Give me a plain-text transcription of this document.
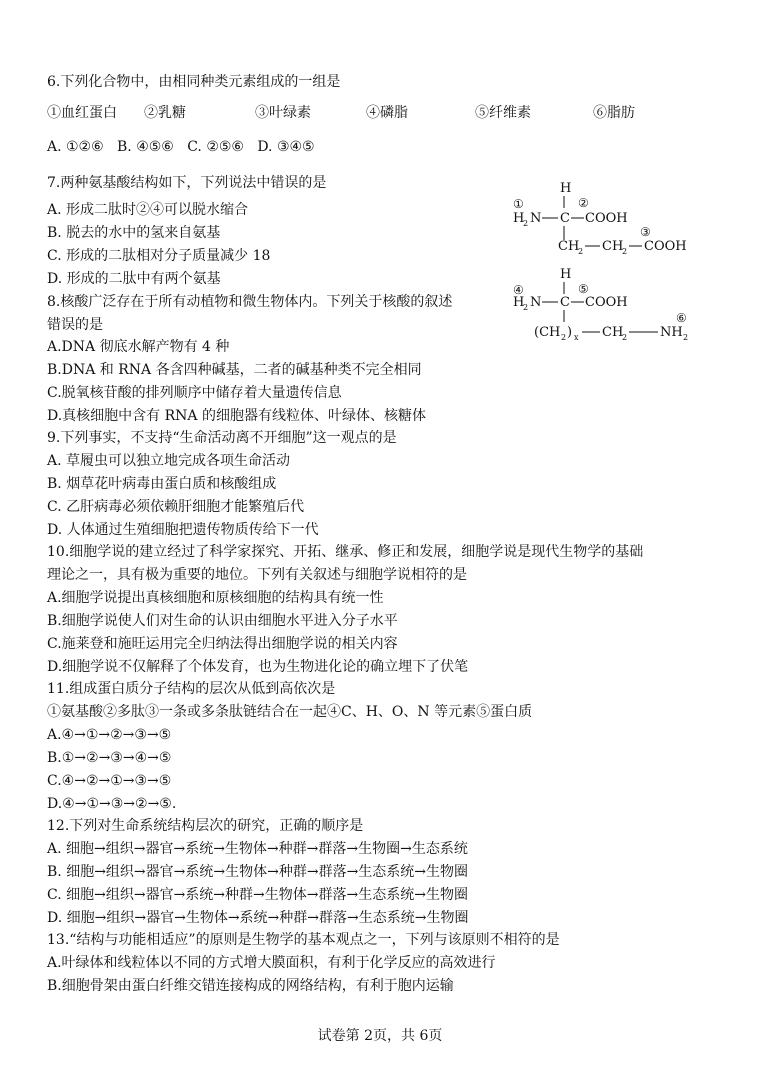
6.下列化合物中，由相同种类元素组成的一组是
①血红蛋白 ②乳糖	③叶绿素	④磷脂	⑤纤维素	⑥脂肪
A. ①②⑥   B. ④⑤⑥   C. ②⑤⑥   D. ③④⑤
7.两种氨基酸结构如下，下列说法中错误的是
A. 形成二肽时②④可以脱水缩合
B. 脱去的水中的氢来自氨基
C. 形成的二肽相对分子质量减少 18
D. 形成的二肽中有两个氨基
①
H
②
H
2 N C COOH
③
CH
2 CH
2 COOH
H
④	⑤
H
2 N C COOH
⑥
(CH 2 ) x CH
2	NH 2
8.核酸广泛存在于所有动植物和微生物体内。下列关于核酸的叙述
错误的是
A.DNA 彻底水解产物有 4 种
B.DNA 和 RNA 各含四种碱基，二者的碱基种类不完全相同
C.脱氧核苷酸的排列顺序中储存着大量遗传信息
D.真核细胞中含有 RNA 的细胞器有线粒体、叶绿体、核糖体
9.下列事实，不支持“生命活动离不开细胞”这一观点的是
A. 草履虫可以独立地完成各项生命活动
B. 烟草花叶病毒由蛋白质和核酸组成
C. 乙肝病毒必须依赖肝细胞才能繁殖后代
D. 人体通过生殖细胞把遗传物质传给下一代
10.细胞学说的建立经过了科学家探究、开拓、继承、修正和发展，细胞学说是现代生物学的基础
理论之一，具有极为重要的地位。下列有关叙述与细胞学说相符的是
A.细胞学说提出真核细胞和原核细胞的结构具有统一性
B.细胞学说使人们对生命的认识由细胞水平进入分子水平
C.施莱登和施旺运用完全归纳法得出细胞学说的相关内容
D.细胞学说不仅解释了个体发育，也为生物进化论的确立埋下了伏笔
11.组成蛋白质分子结构的层次从低到高依次是
①氨基酸②多肽③一条或多条肽链结合在一起④C、H、O、N 等元素⑤蛋白质
A.④→①→②→③→⑤
B.①→②→③→④→⑤
C.④→②→①→③→⑤
D.④→①→③→②→⑤.
12.下列对生命系统结构层次的研究，正确的顺序是
A. 细胞→组织→器官→系统→生物体→种群→群落→生物圈→生态系统
B. 细胞→组织→器官→系统→生物体→种群→群落→生态系统→生物圈
C. 细胞→组织→器官→系统→种群→生物体→群落→生态系统→生物圈
D. 细胞→组织→器官→生物体→系统→种群→群落→生态系统→生物圈
13.“结构与功能相适应”的原则是生物学的基本观点之一，下列与该原则不相符的是
A.叶绿体和线粒体以不同的方式增大膜面积，有利于化学反应的高效进行
B.细胞骨架由蛋白纤维交错连接构成的网络结构，有利于胞内运输
试卷第 2页，共 6页
